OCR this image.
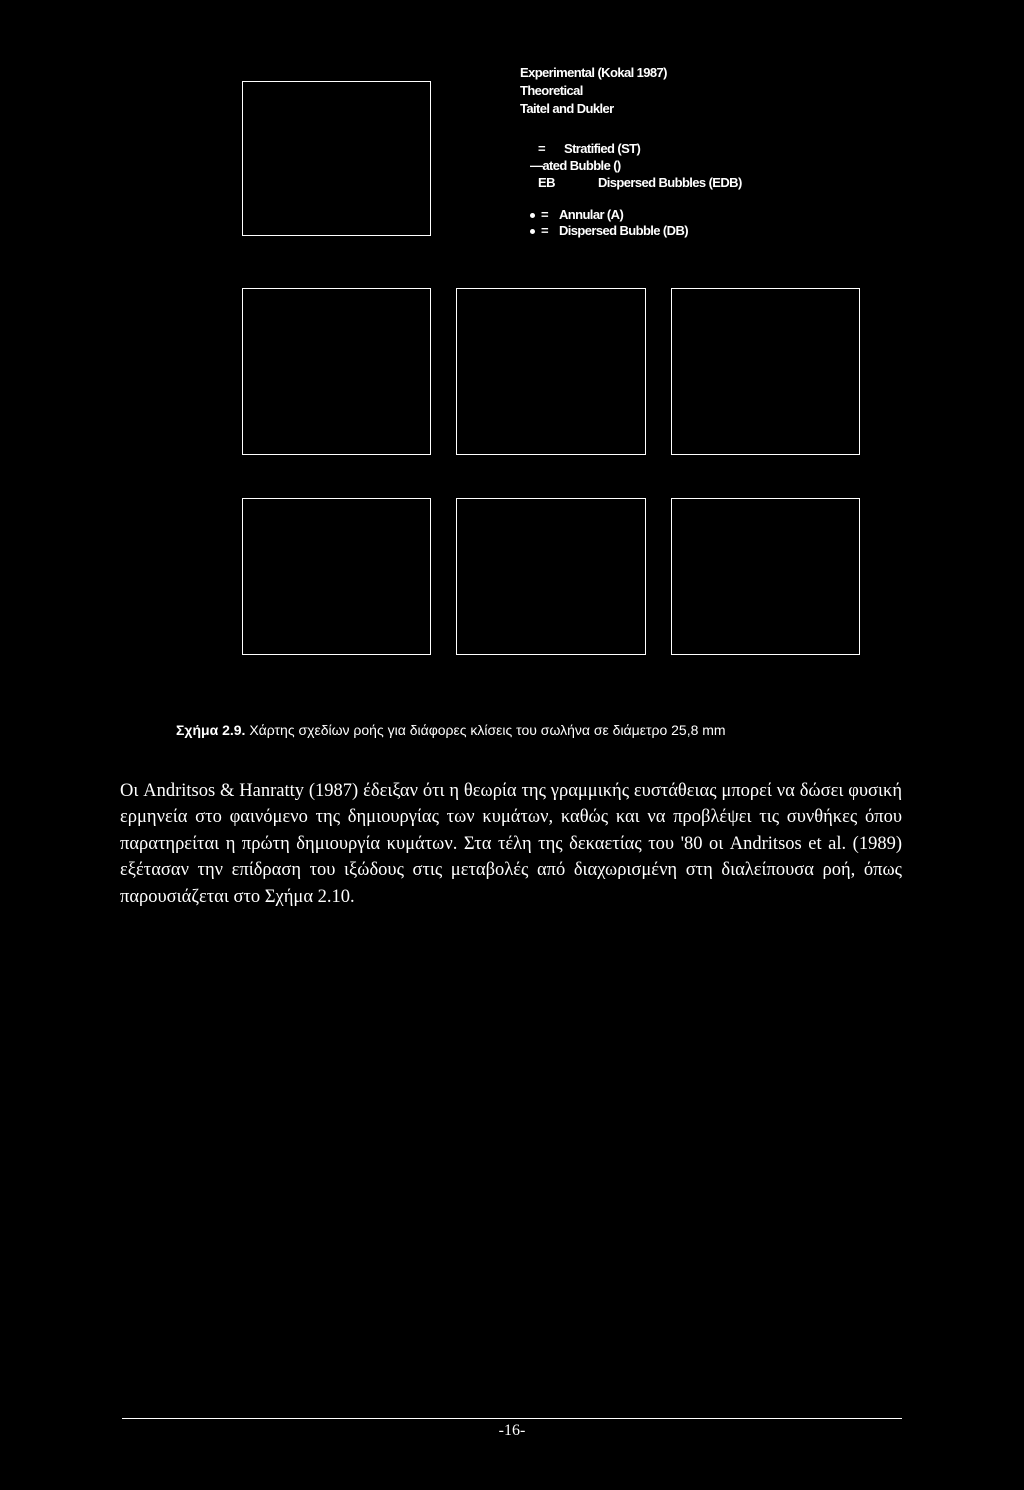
Experimental (Kokal 1987)
Theoretical
Taitel and Dukler
= Stratified (ST)
—ated Bubble ()
EB	Dispersed Bubbles (EDB)
= Annular (A)
= Dispersed Bubble (DB)
Σχήμα 2.9. Χάρτης σχεδίων ροής για διάφορες κλίσεις του σωλήνα σε διάμετρο 25,8 mm
Οι Andritsos & Hanratty (1987) έδειξαν ότι η θεωρία της γραμμικής ευστάθειας μπορεί να δώσει φυσική ερμηνεία στο φαινόμενο της δημιουργίας των κυμάτων, καθώς και να προβλέψει τις συνθήκες όπου παρατηρείται η πρώτη δημιουργία κυμάτων. Στα τέλη της δεκαετίας του '80 οι Andritsos et al. (1989) εξέτασαν την επίδραση του ιξώδους στις μεταβολές από διαχωρισμένη στη διαλείπουσα ροή, όπως παρουσιάζεται στο Σχήμα 2.10.
-16-
